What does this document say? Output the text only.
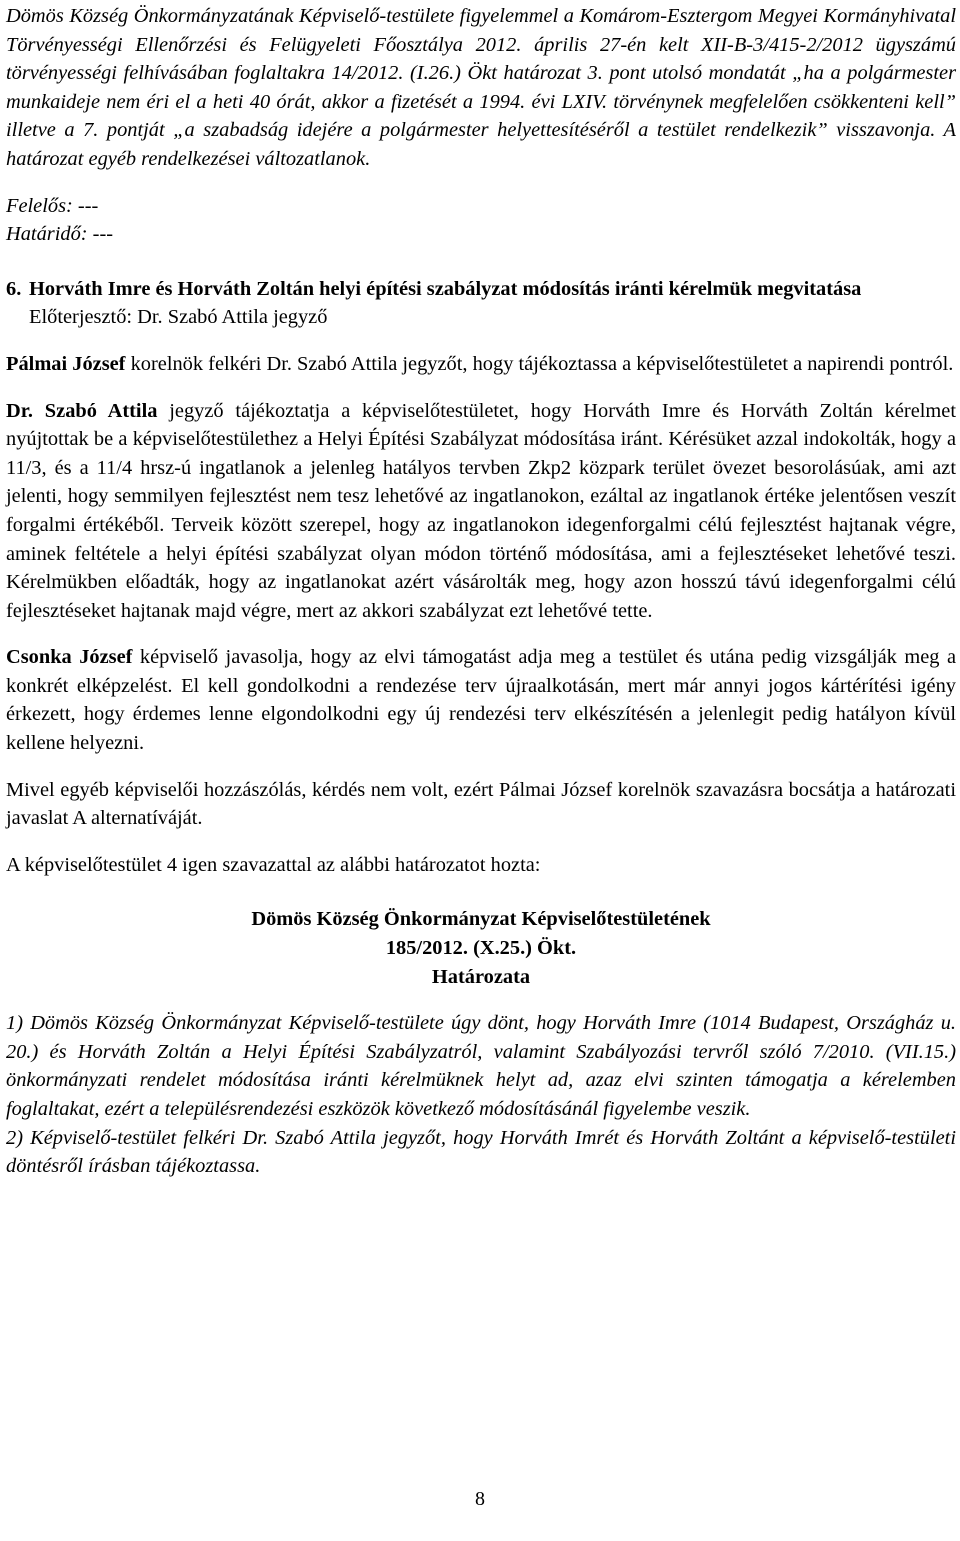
Dömös Község Önkormányzatának Képviselő-testülete figyelemmel a Komárom-Esztergom Megyei Kormányhivatal Törvényességi Ellenőrzési és Felügyeleti Főosztálya 2012. április 27-én kelt XII-B-3/415-2/2012 ügyszámú törvényességi felhívásában foglaltakra 14/2012. (I.26.) Ökt határozat 3. pont utolsó mondatát „ha a polgármester munkaideje nem éri el a heti 40 órát, akkor a fizetését a 1994. évi LXIV. törvénynek megfelelően csökkenteni kell” illetve a 7. pontját „a szabadság idejére a polgármester helyettesítéséről a testület rendelkezik” visszavonja. A határozat egyéb rendelkezései változatlanok.

Felelős: ---

Határidő: ---

6. Horváth Imre és Horváth Zoltán helyi építési szabályzat módosítás iránti kérelmük megvitatása

Előterjesztő: Dr. Szabó Attila jegyző

Pálmai József korelnök felkéri Dr. Szabó Attila jegyzőt, hogy tájékoztassa a képviselőtestületet a napirendi pontról.

Dr. Szabó Attila jegyző tájékoztatja a képviselőtestületet, hogy Horváth Imre és Horváth Zoltán kérelmet nyújtottak be a képviselőtestülethez a Helyi Építési Szabályzat módosítása iránt. Kérésüket azzal indokolták, hogy a 11/3, és a 11/4 hrsz-ú ingatlanok a jelenleg hatályos tervben Zkp2 közpark terület övezet besorolásúak, ami azt jelenti, hogy semmilyen fejlesztést nem tesz lehetővé az ingatlanokon, ezáltal az ingatlanok értéke jelentősen veszít forgalmi értékéből. Terveik között szerepel, hogy az ingatlanokon idegenforgalmi célú fejlesztést hajtanak végre, aminek feltétele a helyi építési szabályzat olyan módon történő módosítása, ami a fejlesztéseket lehetővé teszi. Kérelmükben előadták, hogy az ingatlanokat azért vásárolták meg, hogy azon hosszú távú idegenforgalmi célú fejlesztéseket hajtanak majd végre, mert az akkori szabályzat ezt lehetővé tette.

Csonka József képviselő javasolja, hogy az elvi támogatást adja meg a testület és utána pedig vizsgálják meg a konkrét elképzelést. El kell gondolkodni a rendezése terv újraalkotásán, mert már annyi jogos kártérítési igény érkezett, hogy érdemes lenne elgondolkodni egy új rendezési terv elkészítésén a jelenlegit pedig hatályon kívül kellene helyezni.

Mivel egyéb képviselői hozzászólás, kérdés nem volt, ezért Pálmai József korelnök szavazásra bocsátja a határozati javaslat A alternatíváját.

A képviselőtestület 4 igen szavazattal az alábbi határozatot hozta:

Dömös Község Önkormányzat Képviselőtestületének

185/2012. (X.25.) Ökt.

Határozata

1) Dömös Község Önkormányzat Képviselő-testülete úgy dönt, hogy Horváth Imre (1014 Budapest, Országház u. 20.) és Horváth Zoltán a Helyi Építési Szabályzatról, valamint Szabályozási tervről szóló 7/2010. (VII.15.) önkormányzati rendelet módosítása iránti kérelmüknek helyt ad, azaz elvi szinten támogatja a kérelemben foglaltakat, ezért a településrendezési eszközök következő módosításánál figyelembe veszik.

2) Képviselő-testület felkéri Dr. Szabó Attila jegyzőt, hogy Horváth Imrét és Horváth Zoltánt a képviselő-testületi döntésről írásban tájékoztassa.

8
